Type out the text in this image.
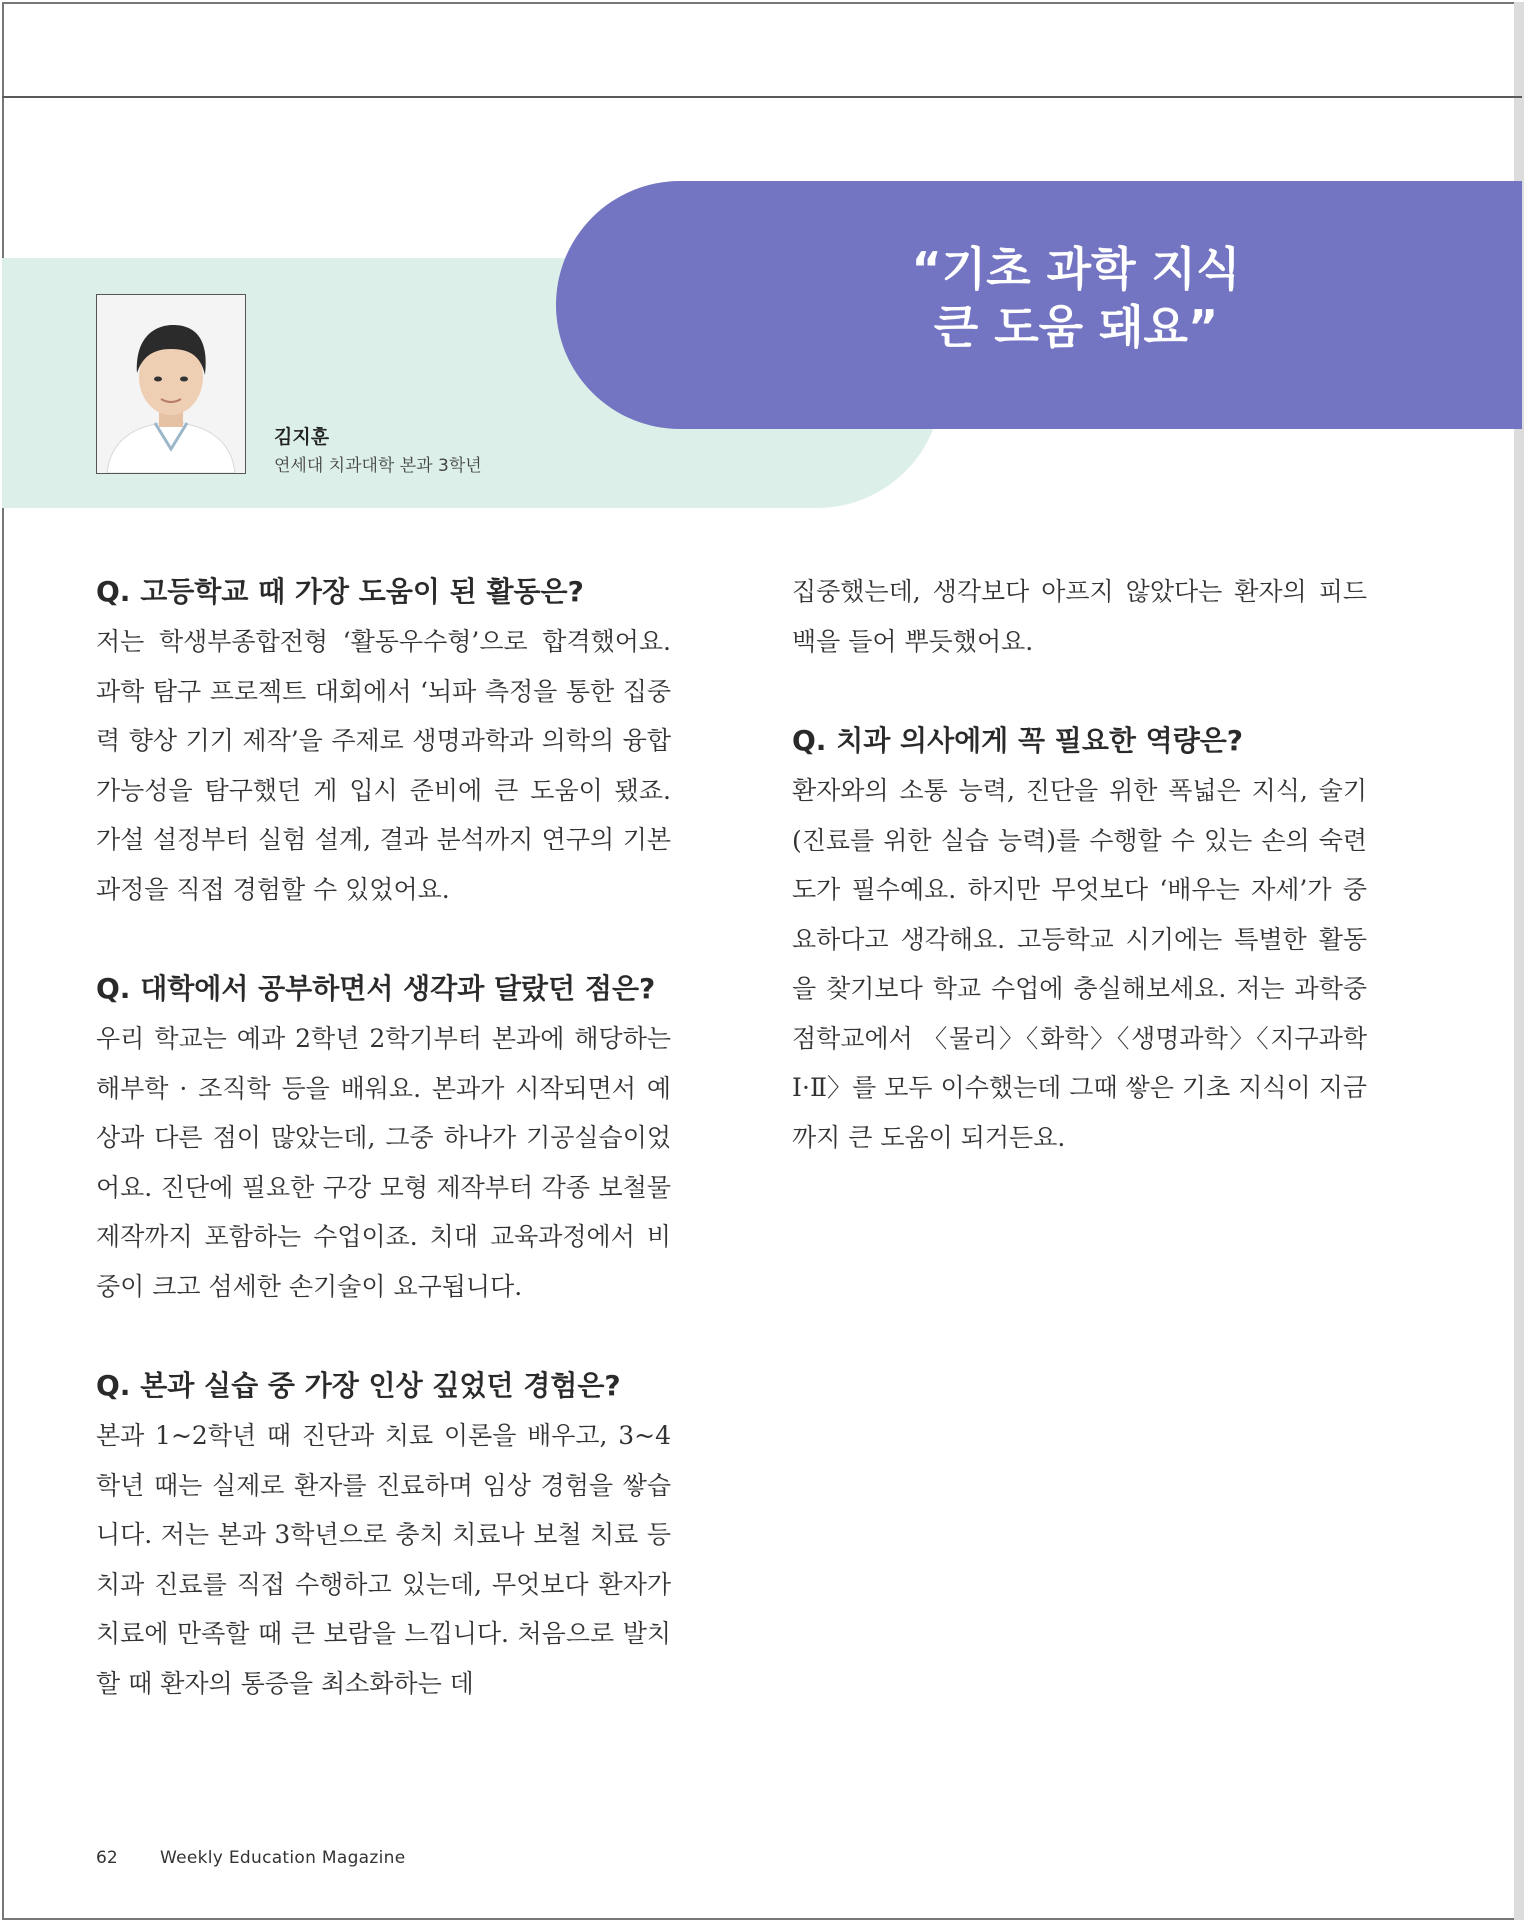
“기초 과학 지식
큰 도움 돼요”
김지훈
연세대 치과대학 본과 3학년
Q. 고등학교 때 가장 도움이 된 활동은?

저는 학생부종합전형 ‘활동우수형’으로 합격했어요. 과학 탐구 프로젝트 대회에서 ‘뇌파 측정을 통한 집중력 향상 기기 제작’을 주제로 생명과학과 의학의 융합 가능성을 탐구했던 게 입시 준비에 큰 도움이 됐죠. 가설 설정부터 실험 설계, 결과 분석까지 연구의 기본 과정을 직접 경험할 수 있었어요.

Q. 대학에서 공부하면서 생각과 달랐던 점은?

우리 학교는 예과 2학년 2학기부터 본과에 해당하는 해부학 · 조직학 등을 배워요. 본과가 시작되면서 예상과 다른 점이 많았는데, 그중 하나가 기공실습이었어요. 진단에 필요한 구강 모형 제작부터 각종 보철물 제작까지 포함하는 수업이죠. 치대 교육과정에서 비중이 크고 섬세한 손기술이 요구됩니다.

Q. 본과 실습 중 가장 인상 깊었던 경험은?

본과 1~2학년 때 진단과 치료 이론을 배우고, 3~4학년 때는 실제로 환자를 진료하며 임상 경험을 쌓습니다. 저는 본과 3학년으로 충치 치료나 보철 치료 등 치과 진료를 직접 수행하고 있는데, 무엇보다 환자가 치료에 만족할 때 큰 보람을 느낍니다. 처음으로 발치할 때 환자의 통증을 최소화하는 데

집중했는데, 생각보다 아프지 않았다는 환자의 피드백을 들어 뿌듯했어요.

Q. 치과 의사에게 꼭 필요한 역량은?

환자와의 소통 능력, 진단을 위한 폭넓은 지식, 술기(진료를 위한 실습 능력)를 수행할 수 있는 손의 숙련도가 필수예요. 하지만 무엇보다 ‘배우는 자세’가 중요하다고 생각해요. 고등학교 시기에는 특별한 활동을 찾기보다 학교 수업에 충실해보세요. 저는 과학중점학교에서 〈물리〉〈화학〉〈생명과학〉〈지구과학 Ⅰ·Ⅱ〉를 모두 이수했는데 그때 쌓은 기초 지식이 지금까지 큰 도움이 되거든요.

62 Weekly Education Magazine
